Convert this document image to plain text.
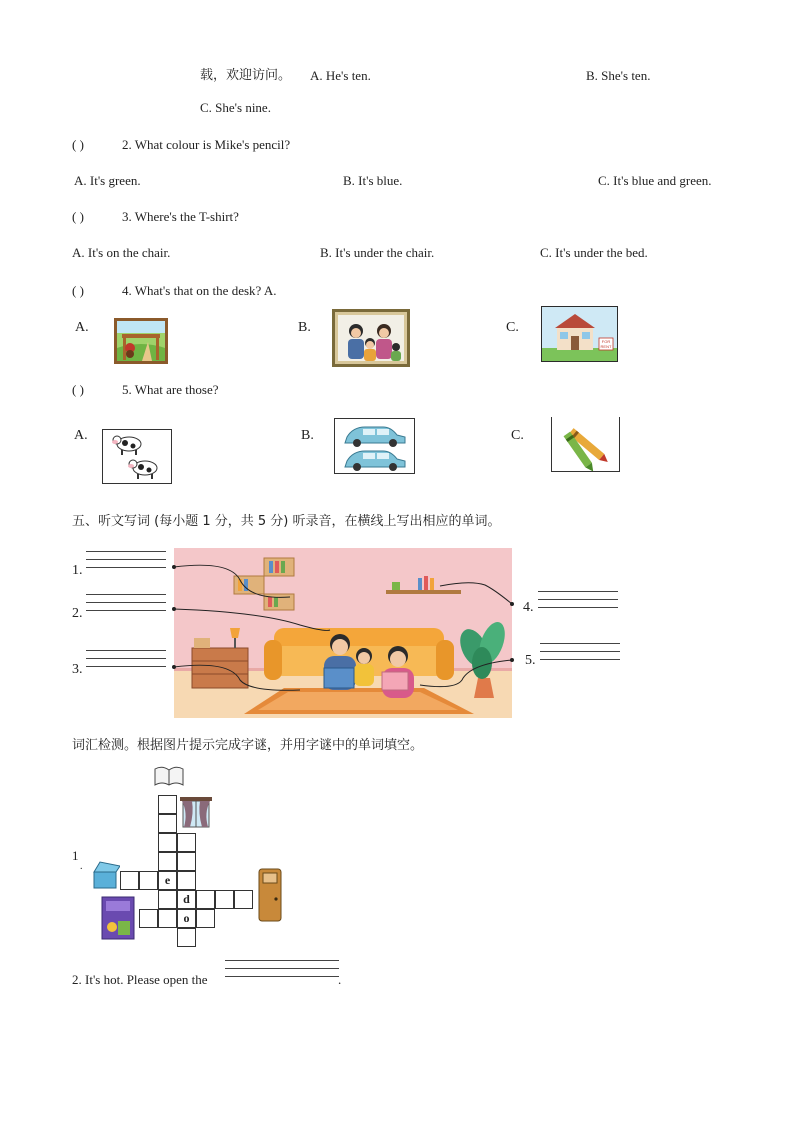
载，欢迎访问。 A. He's ten.	B. She's ten.
C. She's nine.
( )	2. What colour is Mike's pencil?
A. It's green.	B. It's blue.	C. It's blue and green.
( )	3. Where's the T-shirt?
A. It's on the chair.	B. It's under the chair.	C. It's under the bed.
( )	4. What's that on the desk? A.
A.	B.	C.
FOR
RENT
( )	5. What are those?
A.	B.	C.
五、听文写词 (每小题 1 分，共 5 分) 听录音，在横线上写出相应的单词。
1.
2.
3.
4.
5.
词汇检测。根据图片提示完成字谜，并用字谜中的单词填空。
1
.
e
d
o
2. It's hot. Please open the	.
